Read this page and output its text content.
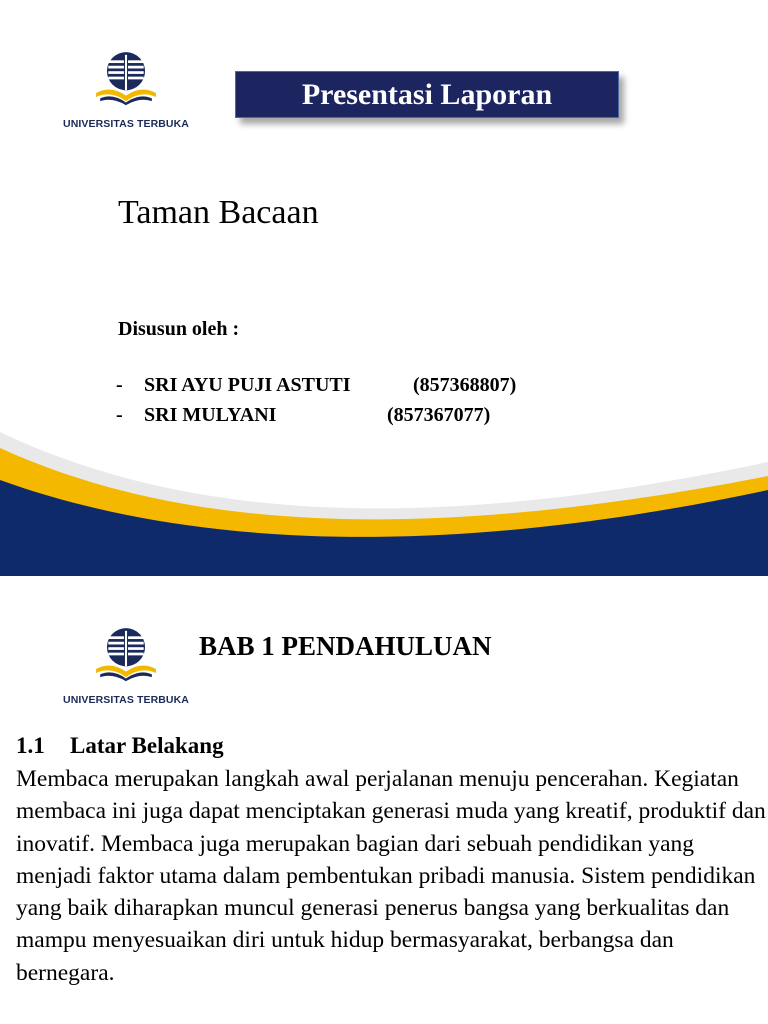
UNIVERSITAS TERBUKA
Presentasi Laporan
Taman Bacaan
Disusun oleh :
- SRI AYU PUJI ASTUTI	(857368807)
- SRI MULYANI	(857367077)
UNIVERSITAS TERBUKA
BAB 1 PENDAHULUAN
1.1 Latar Belakang

Membaca merupakan langkah awal perjalanan menuju pencerahan. Kegiatan membaca ini juga dapat menciptakan generasi muda yang kreatif, produktif dan inovatif. Membaca juga merupakan bagian dari sebuah pendidikan yang menjadi faktor utama dalam pembentukan pribadi manusia. Sistem pendidikan yang baik diharapkan muncul generasi penerus bangsa yang berkualitas dan mampu menyesuaikan diri untuk hidup bermasyarakat, berbangsa dan bernegara.
